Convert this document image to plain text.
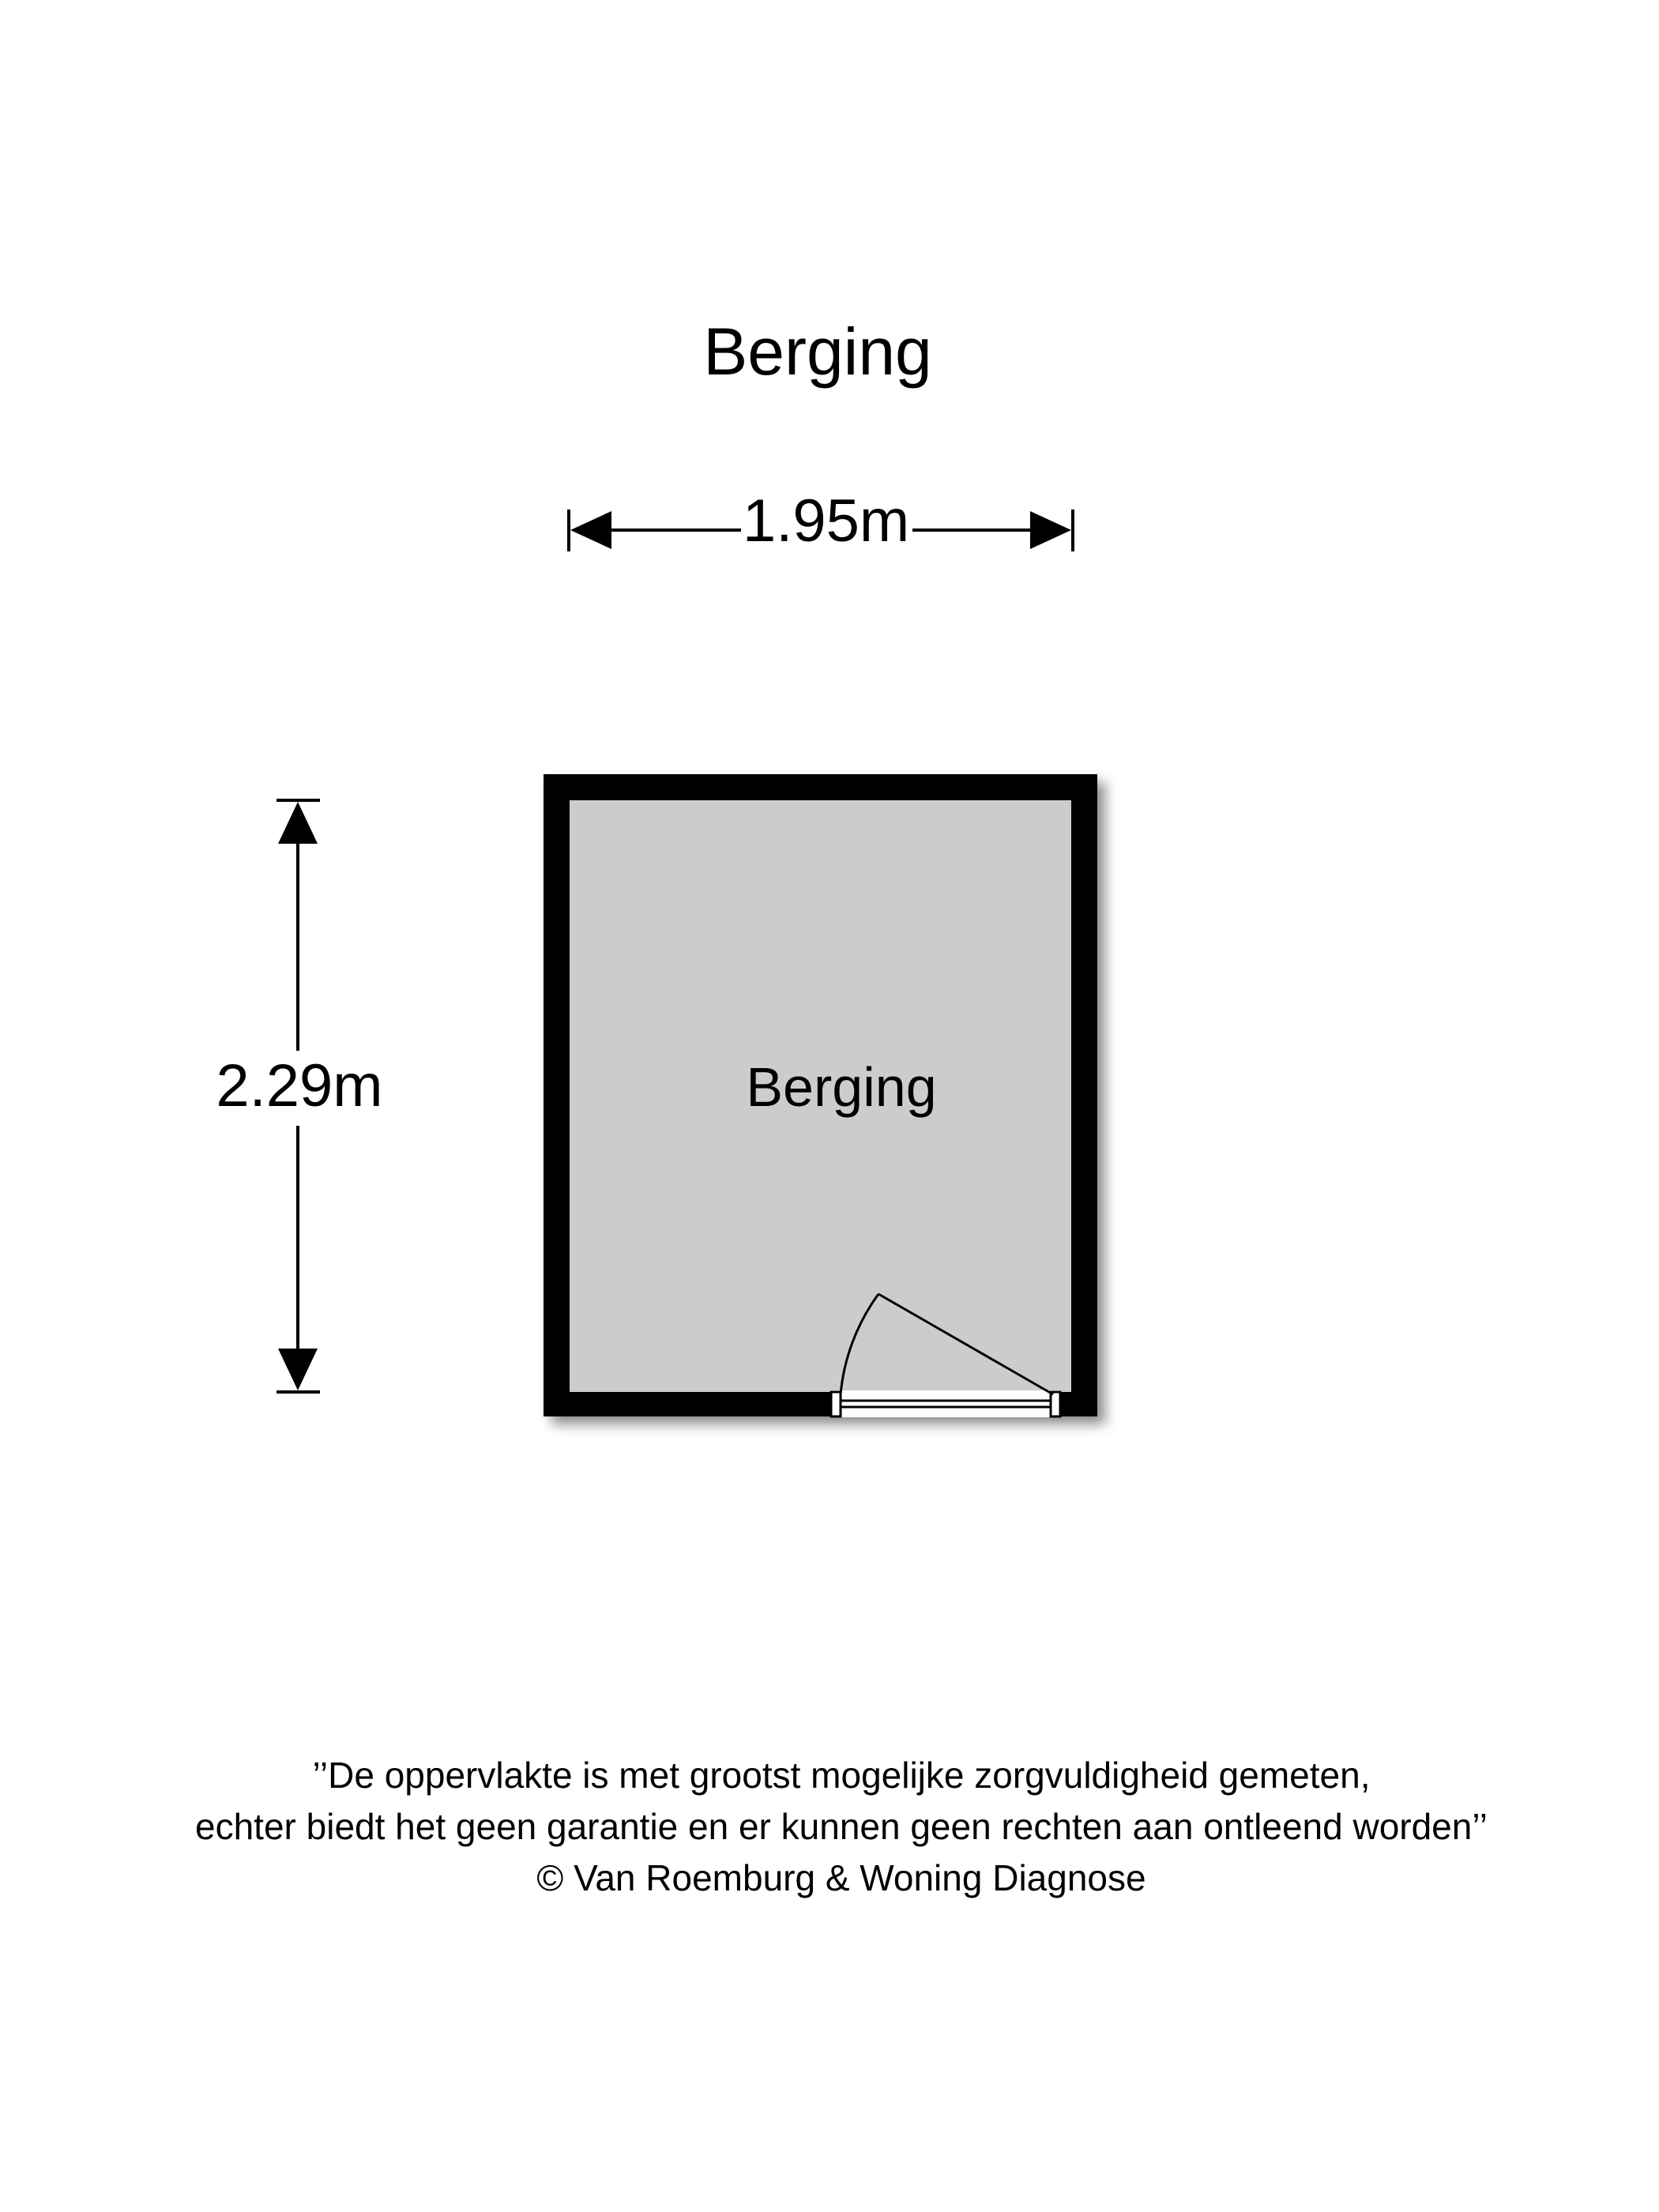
Berging
1.95m
2.29m	Berging
’’De oppervlakte is met grootst mogelijke zorgvuldigheid gemeten,
echter biedt het geen garantie en er kunnen geen rechten aan ontleend worden’’
© Van Roemburg & Woning Diagnose
